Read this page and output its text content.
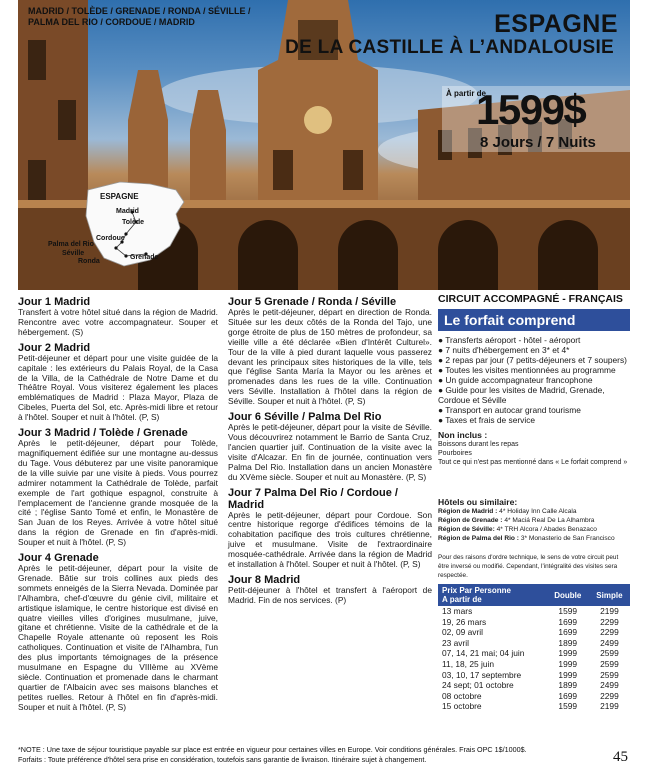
MADRID / TOLÈDE / GRENADE / RONDA / SÉVILLE /
PALMA DEL RIO / CORDOUE / MADRID	ESPAGNE
DE LA CASTILLE À L’ANDALOUSIE
ESPAGNE
Madrid
Tolède
Palma del Rio
Cordoue
Séville
Ronda
Grenade
À partir de
1599$
8 Jours / 7 Nuits
Jour 1 Madrid
Transfert à votre hôtel situé dans la région de Madrid. Rencontre avec votre accompagnateur. Souper et hébergement. (S)
Jour 2 Madrid
Petit-déjeuner et départ pour une visite guidée de la capitale : les extérieurs du Palais Royal, de la Casa de la Villa, de la Cathédrale de Notre Dame et du Théâtre Royal. Vous visiterez également les places emblématiques de Madrid : Plaza Mayor, Plaza de Cibeles, Puerta del Sol, etc. Après-midi libre et retour à l'hôtel. Souper et nuit à l'hôtel. (P, S)
Jour 3 Madrid / Tolède / Grenade
Après le petit-déjeuner, départ pour Tolède, magnifiquement édifiée sur une montagne au-dessus du Tage. Vous débuterez par une visite panoramique de la ville suivie par une visite à pieds. Vous pourrez admirer notamment la Cathédrale de Tolède, parfait exemple de l'art gothique espagnol, construite à l'emplacement de l'ancienne grande mosquée de la cité ; l'église Santo Tomé et enfin, le Monastère de San Juan de los Reyes. Arrivée à votre hôtel situé dans la région de Grenade en fin d'après-midi. Souper et nuit à l'hôtel. (P, S)
Jour 4 Grenade
Après le petit-déjeuner, départ pour la visite de Grenade. Bâtie sur trois collines aux pieds des sommets enneigés de la Sierra Nevada. Dominée par l'Alhambra, chef-d'œuvre du génie civil, militaire et artistique islamique, le centre historique est divisé en quatre vieilles villes d'origines musulmane, juive, gitane et chrétienne. Visite de la cathédrale et de la Chapelle Royale attenante où reposent les Rois catholiques. Continuation et visite de l'Alhambra, l'un des plus importants témoignages de la présence musulmane en Espagne du VIIIème au XVème siècle. Continuation et promenade dans le charmant quartier de l'Albaicin avec ses maisons blanches et petites ruelles. Retour à l'hôtel en fin d'après-midi. Souper et nuit à l'hôtel. (P, S)
Jour 5 Grenade / Ronda / Séville
Après le petit-déjeuner, départ en direction de Ronda. Située sur les deux côtés de la Ronda del Tajo, une gorge étroite de plus de 150 mètres de profondeur, sa vieille ville a été déclarée «Bien d'Intérêt Culturel». Tour de la ville à pied durant laquelle vous passerez devant les principaux sites historiques de la ville, tels que l'église Santa María la Mayor ou les arènes et promenades dans les rues de la ville. Continuation vers Séville. Installation à l'hôtel dans la région de Séville. Souper et nuit à l'hôtel. (P, S)
Jour 6 Séville / Palma Del Rio
Après le petit-déjeuner, départ pour la visite de Séville. Vous découvrirez notamment le Barrio de Santa Cruz, l'ancien quartier juif. Continuation de la visite avec la visite d'Alcazar. En fin de journée, continuation vers Palma Del Rio. Installation dans un ancien Monastère du XVème siècle. Souper et nuit au Monastère. (P, S)
Jour 7 Palma Del Rio / Cordoue / Madrid
Après le petit-déjeuner, départ pour Cordoue. Son centre historique regorge d'édifices témoins de la cohabitation pacifique des trois cultures chrétienne, juive et musulmane. Visite de l'extraordinaire mosquée-cathédrale. Arrivée dans la région de Madrid et installation à l'hôtel. Souper et nuit à l'hôtel. (P, S)
Jour 8 Madrid
Petit-déjeuner à l'hôtel et transfert à l'aéroport de Madrid. Fin de nos services. (P)
CIRCUIT ACCOMPAGNÉ - FRANÇAIS
Le forfait comprend
● Transferts aéroport - hôtel - aéroport
● 7 nuits d'hébergement en 3* et 4*
● 2 repas par jour (7 petits-déjeuners et 7 soupers)
● Toutes les visites mentionnées au programme
● Un guide accompagnateur francophone
● Guide pour les visites de Madrid, Grenade, Cordoue et Séville
● Transport en autocar grand tourisme
● Taxes et frais de service
Non inclus :
Boissons durant les repas
Pourboires
Tout ce qui n'est pas mentionné dans « Le forfait comprend »
Hôtels ou similaire:
Région de Madrid : 4* Holiday Inn Calle Alcala
Région de Grenade : 4* Maciá Real De La Alhambra
Région de Séville: 4* TRH Alcora / Abades Benazaco
Région de Palma del Rio : 3* Monasterio de San Francisco
Pour des raisons d'ordre technique, le sens de votre circuit peut être inversé ou modifié. Cependant, l'intégralité des visites sera respectée.
Prix Par Personne
A partir de	Double	Simple
13 mars	1599	2199
19, 26 mars	1699	2299
02, 09 avril	1699	2299
23 avril	1899	2499
07, 14, 21 mai; 04 juin	1999	2599
11, 18, 25 juin	1999	2599
03, 10, 17 septembre	1999	2599
24 sept; 01 octobre	1899	2499
08 octobre	1699	2299
15 octobre	1599	2199
*NOTE : Une taxe de séjour touristique payable sur place est entrée en vigueur pour certaines villes en Europe. Voir conditions générales. Frais OPC 1$/1000$.
Forfaits : Toute préférence d'hôtel sera prise en considération, toutefois sans garantie de livraison. Itinéraire sujet à changement.	45
